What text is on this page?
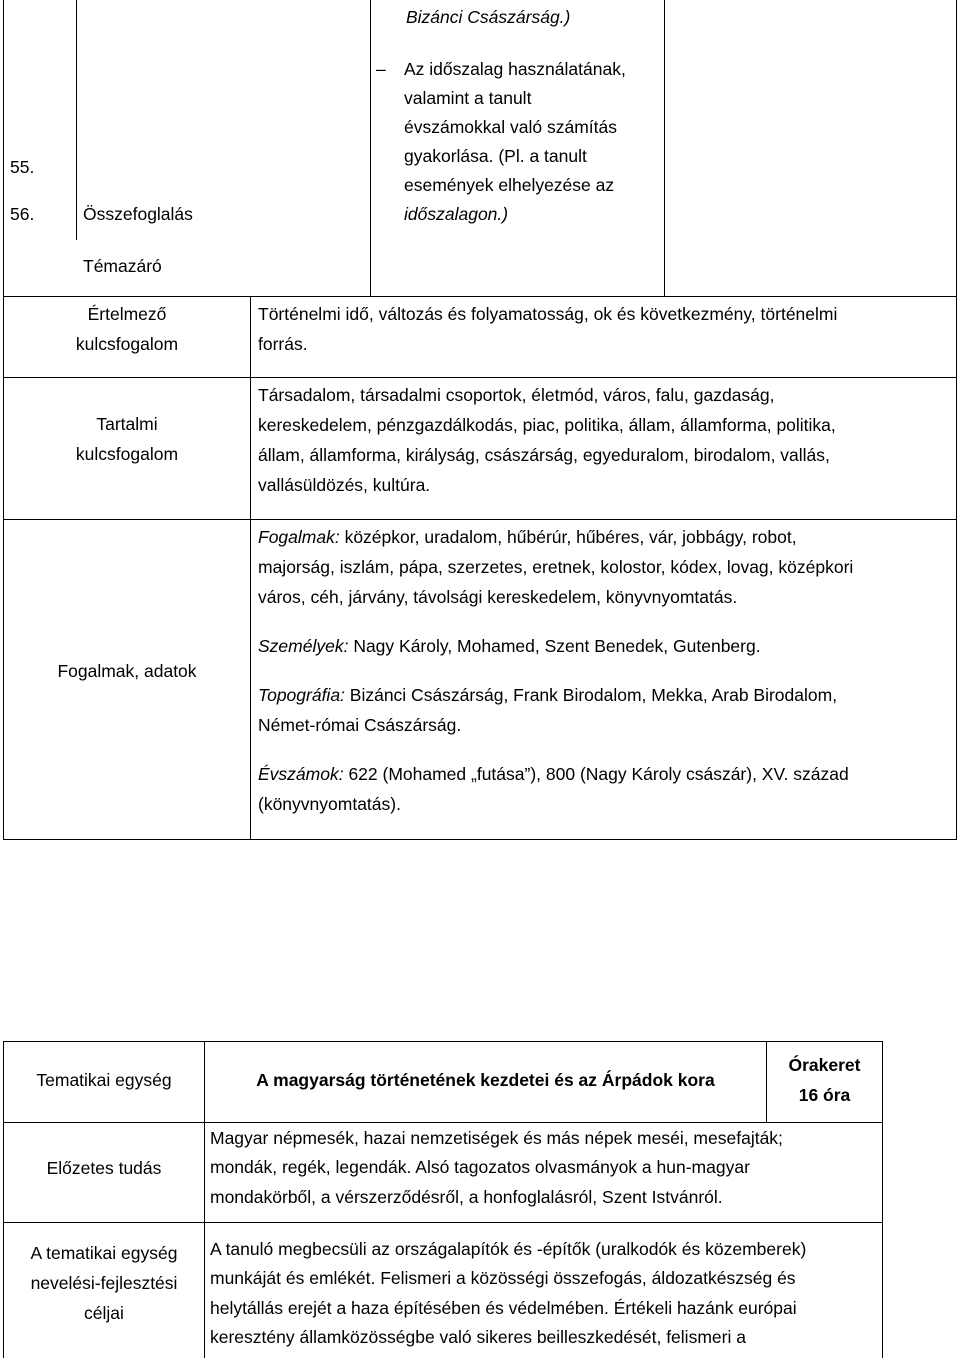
55.
56.	Összefoglalás
Témazáró
Bizánci Császárság.)
– Az időszalag használatának,
valamint a tanult
évszámokkal való számítás
gyakorlása. (Pl. a tanult
események elhelyezése az
időszalagon.)
Értelmező
kulcsfogalom
Történelmi idő, változás és folyamatosság, ok és következmény, történelmi
forrás.
Tartalmi
kulcsfogalom
Társadalom, társadalmi csoportok, életmód, város, falu, gazdaság,
kereskedelem, pénzgazdálkodás, piac, politika, állam, államforma, politika,
állam, államforma, királyság, császárság, egyeduralom, birodalom, vallás,
vallásüldözés, kultúra.
Fogalmak, adatok
Fogalmak: középkor, uradalom, hűbérúr, hűbéres, vár, jobbágy, robot,
majorság, iszlám, pápa, szerzetes, eretnek, kolostor, kódex, lovag, középkori
város, céh, járvány, távolsági kereskedelem, könyvnyomtatás.
Személyek: Nagy Károly, Mohamed, Szent Benedek, Gutenberg.
Topográfia: Bizánci Császárság, Frank Birodalom, Mekka, Arab Birodalom,
Német-római Császárság.
Évszámok: 622 (Mohamed „futása”), 800 (Nagy Károly császár), XV. század
(könyvnyomtatás).
Tematikai egység	A magyarság történetének kezdetei és az Árpádok kora
Órakeret
16 óra
Előzetes tudás
Magyar népmesék, hazai nemzetiségek és más népek meséi, mesefajták;
mondák, regék, legendák. Alsó tagozatos olvasmányok a hun-magyar
mondakörből, a vérszerződésről, a honfoglalásról, Szent Istvánról.
A tematikai egység
nevelési-fejlesztési
céljai
A tanuló megbecsüli az országalapítók és -építők (uralkodók és közemberek)
munkáját és emlékét. Felismeri a közösségi összefogás, áldozatkészség és
helytállás erejét a haza építésében és védelmében. Értékeli hazánk európai
keresztény államközösségbe való sikeres beilleszkedését, felismeri a
